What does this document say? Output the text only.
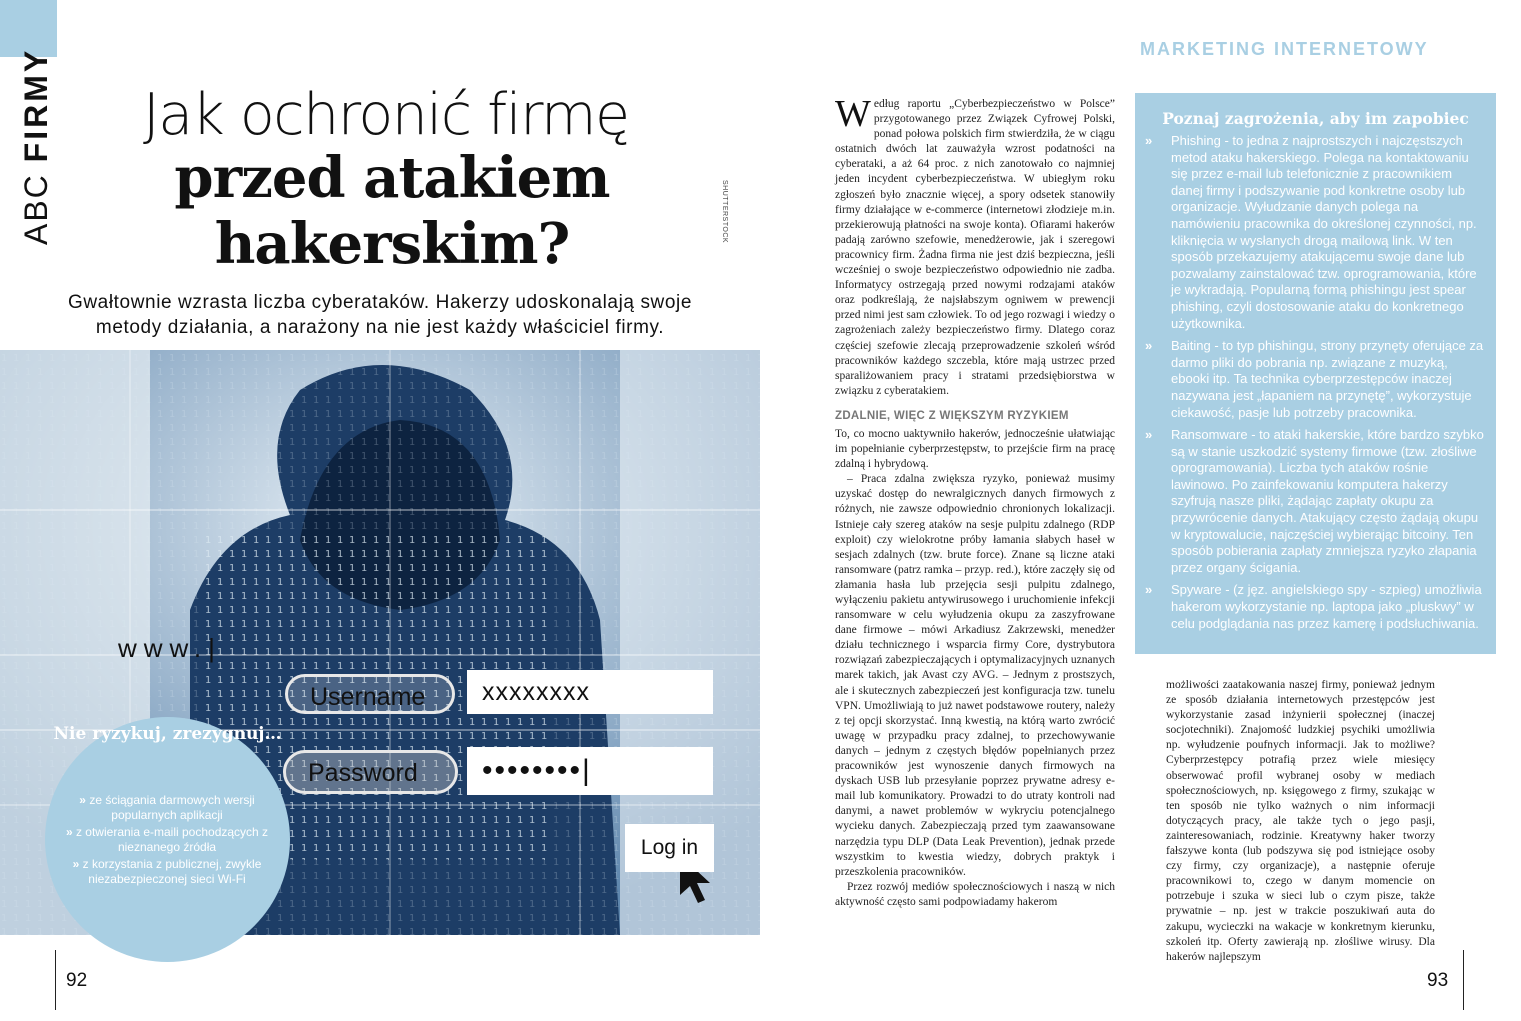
ABC FIRMY Jak ochronić firmę
przed atakiem hakerskim?	SHUTTERSTOCK
Gwałtownie wzrasta liczba cyberataków. Hakerzy udoskonalają swoje metody działania, a narażony na nie jest każdy właściciel firmy.
www.|
Username	xxxxxxxx
Password	••••••••|
Log in
Nie ryzykuj, zrezygnuj…
» ze ściągania darmowych wersji popularnych aplikacji
» z otwierania e-maili pochodzących z nieznanego źródła
» z korzystania z publicznej, zwykle niezabezpieczonej sieci Wi-Fi
92
MARKETING INTERNETOWY

Według raportu „Cyberbezpieczeństwo w Polsce” przygotowanego przez Związek Cyfrowej Polski, ponad połowa polskich firm stwierdziła, że w ciągu ostatnich dwóch lat zauważyła wzrost podatności na cyberataki, a aż 64 proc. z nich zanotowało co najmniej jeden incydent cyberbezpieczeństwa. W ubiegłym roku zgłoszeń było znacznie więcej, a spory odsetek stanowiły firmy działające w e-commerce (internetowi złodzieje m.in. przekierowują płatności na swoje konta). Ofiarami hakerów padają zarówno szefowie, menedżerowie, jak i szeregowi pracownicy firm. Żadna firma nie jest dziś bezpieczna, jeśli wcześniej o swoje bezpieczeństwo odpowiednio nie zadba. Informatycy ostrzegają przed nowymi rodzajami ataków oraz podkreślają, że najsłabszym ogniwem w prewencji przed nimi jest sam człowiek. To od jego rozwagi i wiedzy o zagrożeniach zależy bezpieczeństwo firmy. Dlatego coraz częściej szefowie zlecają przeprowadzenie szkoleń wśród pracowników każdego szczebla, które mają ustrzec przed sparaliżowaniem pracy i stratami przedsiębiorstwa w związku z cyberatakiem.

ZDALNIE, WIĘC Z WIĘKSZYM RYZYKIEM

To, co mocno uaktywniło hakerów, jednocześnie ułatwiając im popełnianie cyberprzestępstw, to przejście firm na pracę zdalną i hybrydową.

– Praca zdalna zwiększa ryzyko, ponieważ musimy uzyskać dostęp do newralgicznych danych firmowych z różnych, nie zawsze odpowiednio chronionych lokalizacji. Istnieje cały szereg ataków na sesje pulpitu zdalnego (RDP exploit) czy wielokrotne próby łamania słabych haseł w sesjach zdalnych (tzw. brute force). Znane są liczne ataki ransomware (patrz ramka – przyp. red.), które zaczęły się od złamania hasła lub przejęcia sesji pulpitu zdalnego, wyłączeniu pakietu antywirusowego i uruchomienie infekcji ransomware w celu wyłudzenia okupu za zaszyfrowane dane firmowe – mówi Arkadiusz Zakrzewski, menedżer działu technicznego i wsparcia firmy Core, dystrybutora rozwiązań zabezpieczających i optymalizacyjnych uznanych marek takich, jak Avast czy AVG. – Jednym z prostszych, ale i skutecznych zabezpieczeń jest konfiguracja tzw. tunelu VPN. Umożliwiają to już nawet podstawowe routery, należy z tej opcji skorzystać. Inną kwestią, na którą warto zwrócić uwagę w przypadku pracy zdalnej, to przechowywanie danych – jednym z częstych błędów popełnianych przez pracowników jest wynoszenie danych firmowych na dyskach USB lub przesyłanie poprzez prywatne adresy e-mail lub komunikatory. Prowadzi to do utraty kontroli nad danymi, a nawet problemów w wykryciu potencjalnego wycieku danych. Zabezpieczają przed tym zaawansowane narzędzia typu DLP (Data Leak Prevention), jednak przede wszystkim to kwestia wiedzy, dobrych praktyk i przeszkolenia pracowników.

Przez rozwój mediów społecznościowych i naszą w nich aktywność często sami podpowiadamy hakerom

Poznaj zagrożenia, aby im zapobiec
»	Phishing - to jedna z najprostszych i najczęstszych metod ataku hakerskiego. Polega na kontaktowaniu się przez e-mail lub telefonicznie z pracownikiem danej firmy i podszywanie pod konkretne osoby lub organizacje. Wyłudzanie danych polega na namówieniu pracownika do określonej czynności, np. kliknięcia w wysłanych drogą mailową link. W ten sposób przekazujemy atakującemu swoje dane lub pozwalamy zainstalować tzw. oprogramowania, które je wykradają. Popularną formą phishingu jest spear phishing, czyli dostosowanie ataku do konkretnego użytkownika.
»	Baiting - to typ phishingu, strony przynęty oferujące za darmo pliki do pobrania np. związane z muzyką, ebooki itp. Ta technika cyberprzestępców inaczej nazywana jest „łapaniem na przynętę”, wykorzystuje ciekawość, pasje lub potrzeby pracownika.
»	Ransomware - to ataki hakerskie, które bardzo szybko są w stanie uszkodzić systemy firmowe (tzw. złośliwe oprogramowania). Liczba tych ataków rośnie lawinowo. Po zainfekowaniu komputera hakerzy szyfrują nasze pliki, żądając zapłaty okupu za przywrócenie danych. Atakujący często żądają okupu w kryptowalucie, najczęściej wybierając bitcoiny. Ten sposób pobierania zapłaty zmniejsza ryzyko złapania przez organy ścigania.
»	Spyware - (z jęz. angielskiego spy - szpieg) umożliwia hakerom wykorzystanie np. laptopa jako „pluskwy” w celu podglądania nas przez kamerę i podsłuchiwania.

możliwości zaatakowania naszej firmy, ponieważ jednym ze sposób działania internetowych przestępców jest wykorzystanie zasad inżynierii społecznej (inaczej socjotechniki). Znajomość ludzkiej psychiki umożliwia np. wyłudzenie poufnych informacji. Jak to możliwe? Cyberprzestępcy potrafią przez wiele miesięcy obserwować profil wybranej osoby w mediach społecznościowych, np. księgowego z firmy, szukając w ten sposób nie tylko ważnych o nim informacji dotyczących pracy, ale także tych o jego pasji, zainteresowaniach, rodzinie. Kreatywny haker tworzy fałszywe konta (lub podszywa się pod istniejące osoby czy firmy, czy organizacje), a następnie oferuje pracownikowi to, czego w danym momencie on potrzebuje i szuka w sieci lub o czym pisze, także prywatnie – np. jest w trakcie poszukiwań auta do zakupu, wycieczki na wakacje w konkretnym kierunku, szkoleń itp. Oferty zawierają np. złośliwe wirusy. Dla hakerów najlepszym

93
